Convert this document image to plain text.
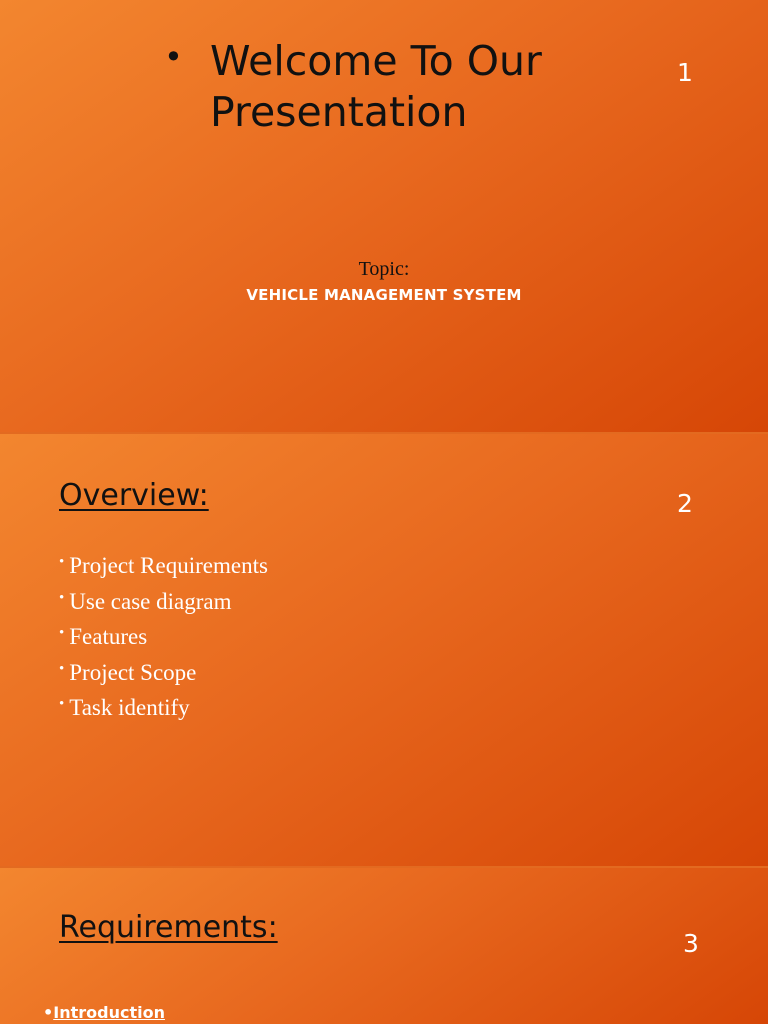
• Welcome To Our
Presentation
1
Topic:
VEHICLE MANAGEMENT SYSTEM
Overview:	2
• Project Requirements
• Use case diagram
• Features
• Project Scope
• Task identify
Requirements:	3
•Introduction
